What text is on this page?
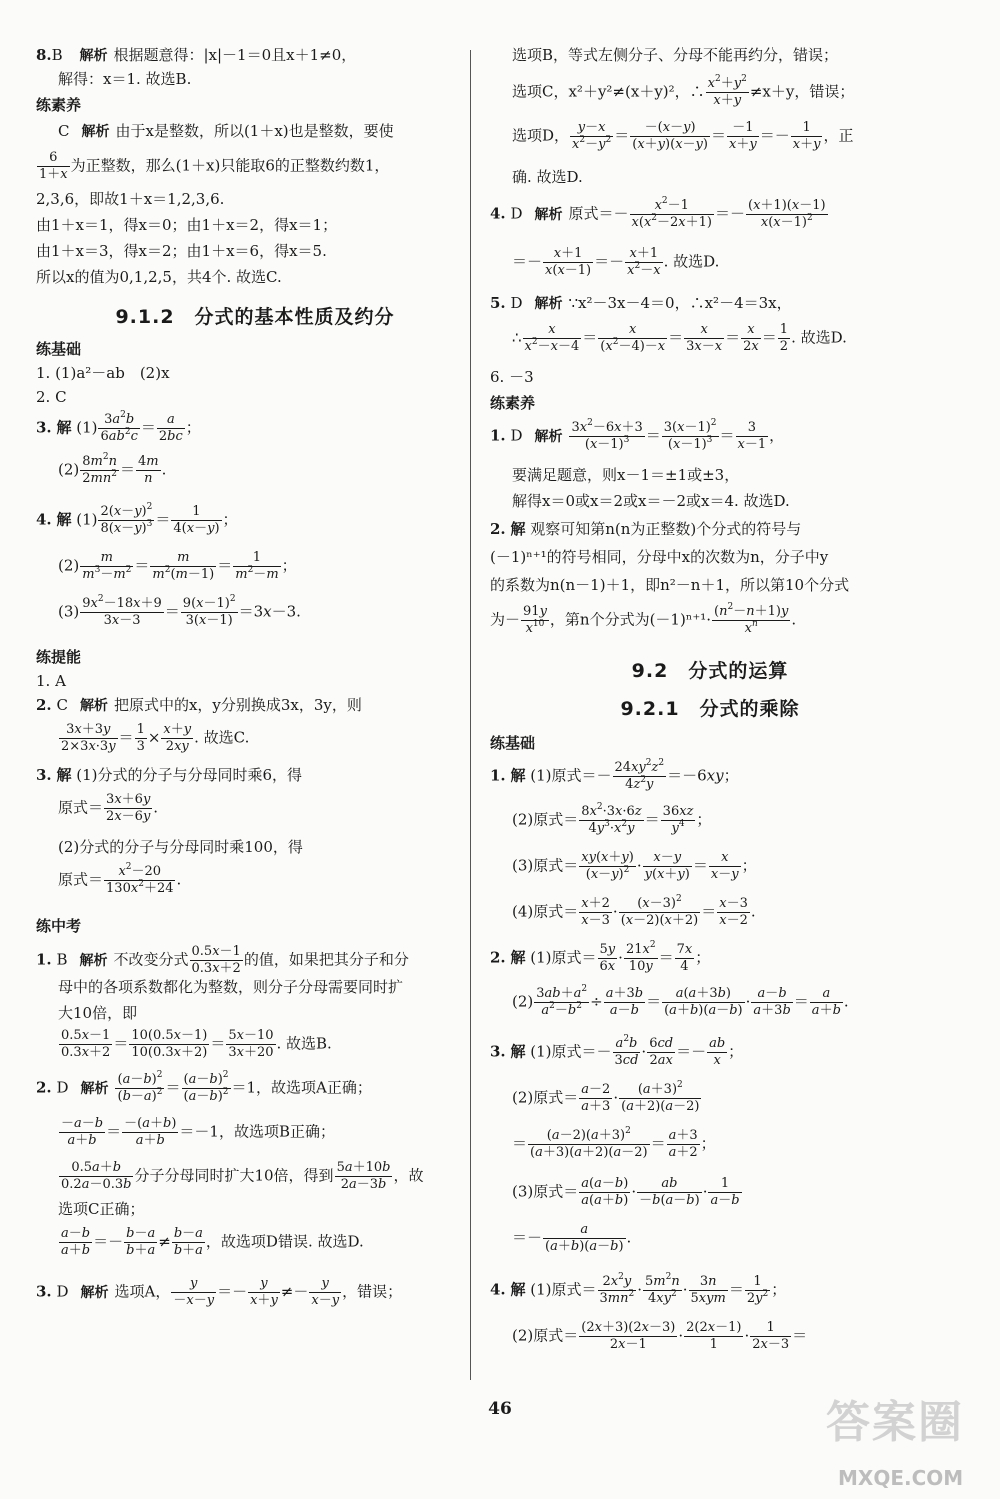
8.B 解析 根据题意得：|x|－1＝0且x＋1≠0，
解得：x＝1. 故选B.
练素养
C 解析 由于x是整数，所以(1＋x)也是整数，要使
$\frac{6}{1+x}$ 为正整数，那么(1＋x)只能取6的正整数约数1，
2,3,6，即故1＋x＝1,2,3,6.
由1＋x＝1，得x＝0；由1＋x＝2，得x＝1；
由1＋x＝3，得x＝2；由1＋x＝6，得x＝5.
所以x的值为0,1,2,5，共4个. 故选C.
9.1.2　分式的基本性质及约分
练基础
1. (1)a²－ab　(2)x
2. C
3. 解 $(1) \frac{3a^2b}{6ab^2c} = \frac{a}{2bc}$ ；
$(2) \frac{8m^2n}{2mn^2} = \frac{4m}{n}$ .
4. 解 $(1) \frac{2(x-y)^2}{8(x-y)^3} = \frac{1}{4(x-y)}$ ；
$(2) \frac{m}{m^3-m^2} = \frac{m}{m^2(m-1)} = \frac{1}{m^2-m}$ ；
$(3) \frac{9x^2-18x+9}{3x-3} = \frac{9(x-1)^2}{3(x-1)} =3x-3$.
练提能
1. A
2. C 解析 把原式中的x，y分别换成3x，3y，则
$\frac{3x+3y}{2\times 3x\cdot 3y} = \frac{1}{3} \times \frac{x+y}{2xy}$ . 故选C.
3. 解 (1)分式的分子与分母同时乘6，得
原式＝ $\frac{3x+6y}{2x-6y}$ .
(2)分式的分子与分母同时乘100，得
原式＝ $\frac{x^2-20}{130x^2+24}$ .
练中考
1. B 解析 不改变分式 $\frac{0.5x-1}{0.3x+2}$ 的值，如果把其分子和分
母中的各项系数都化为整数，则分子分母需要同时扩
大10倍，即
$\frac{0.5x-1}{0.3x+2} = \frac{10(0.5x-1)}{10(0.3x+2)} = \frac{5x-10}{3x+20}$ . 故选B.
2. D 解析 $\frac{(a-b)^2}{(b-a)^2} = \frac{(a-b)^2}{(a-b)^2} =1$，故选项A正确；
$\frac{-a-b}{a+b} = \frac{-(a+b)}{a+b} =-1$，故选项B正确；
$\frac{0.5a+b}{0.2a-0.3b}$ 分子分母同时扩大10倍，得到 $\frac{5a+10b}{2a-3b}$ ，故
选项C正确；
$\frac{a-b}{a+b} =- \frac{b-a}{b+a} \ne \frac{b-a}{b+a}$ ，故选项D错误. 故选D.
3. D 解析 选项A， $\frac{y}{-x-y} =- \frac{y}{x+y} \ne- \frac{y}{x-y}$ ，错误；
选项B，等式左侧分子、分母不能再约分，错误；
选项C，x²＋y²≠(x＋y)²，∴ $\frac{x^2+y^2}{x+y} \ne x+y$，错误；
选项D， $\frac{y-x}{x^2-y^2} = \frac{-(x-y)}{(x+y)(x-y)} = \frac{-1}{x+y} =- \frac{1}{x+y}$ ，正
确. 故选D.
4. D 解析 原式＝－ $\frac{x^2-1}{x(x^2-2x+1)} =- \frac{(x+1)(x-1)}{x(x-1)^2}$
＝－ $\frac{x+1}{x(x-1)} =- \frac{x+1}{x^2-x}$ . 故选D.
5. D 解析 ∵x²－3x－4＝0，∴x²－4＝3x，
∴ $\frac{x}{x^2-x-4} = \frac{x}{(x^2-4)-x} = \frac{x}{3x-x} = \frac{x}{2x} = \frac{1}{2}$ . 故选D.
6. －3
练素养
1. D 解析 $\frac{3x^2-6x+3}{(x-1)^3} = \frac{3(x-1)^2}{(x-1)^3} = \frac{3}{x-1}$ ，
要满足题意，则x－1＝±1或±3，
解得x＝0或x＝2或x＝－2或x＝4. 故选D.
2. 解 观察可知第n(n为正整数)个分式的符号与
(－1)ⁿ⁺¹的符号相同，分母中x的次数为n，分子中y
的系数为n(n－1)＋1，即n²－n＋1，所以第10个分式
为－ $\frac{91y}{x^{10}}$ ，第n个分式为$(-1)^{n+1}\cdot \frac{(n^2-n+1)y}{x^n}$ .
9.2　分式的运算
9.2.1　分式的乘除
练基础
1. 解 (1)原式＝－ $\frac{24xy^2z^2}{4z^2y} =-6xy$；
(2)原式＝ $\frac{8x^2\cdot 3x\cdot 6z}{4y^3\cdot x^2y} = \frac{36xz}{y^4}$ ；
(3)原式＝ $\frac{xy(x+y)}{(x-y)^2} \cdot \frac{x-y}{y(x+y)} = \frac{x}{x-y}$ ；
(4)原式＝ $\frac{x+2}{x-3} \cdot \frac{(x-3)^2}{(x-2)(x+2)} = \frac{x-3}{x-2}$ .
2. 解 (1)原式＝ $\frac{5y}{6x} \cdot \frac{21x^2}{10y} = \frac{7x}{4}$ ；
$(2) \frac{3ab+a^2}{a^2-b^2} \div \frac{a+3b}{a-b} = \frac{a(a+3b)}{(a+b)(a-b)} \cdot \frac{a-b}{a+3b} = \frac{a}{a+b}$ .
3. 解 (1)原式＝－ $\frac{a^2b}{3cd} \cdot \frac{6cd}{2ax} =- \frac{ab}{x}$ ；
(2)原式＝ $\frac{a-2}{a+3} \cdot \frac{(a+3)^2}{(a+2)(a-2)}$
＝ $\frac{(a-2)(a+3)^2}{(a+3)(a+2)(a-2)} = \frac{a+3}{a+2}$ ；
(3)原式＝ $\frac{a(a-b)}{a(a+b)} \cdot \frac{ab}{-b(a-b)} \cdot \frac{1}{a-b}$
＝－ $\frac{a}{(a+b)(a-b)}$ .
4. 解 (1)原式＝ $\frac{2x^2y}{3mn^2} \cdot \frac{5m^2n}{4xy^2} \cdot 3n$
$5xym = \frac{1}{2y^2}$ ；
(2)原式＝ $\frac{(2x+3)(2x-3)}{2x-1} \cdot \frac{2(2x-1)}{1} \cdot \frac{1}{2x-3}$ ＝
46	答案圈
MXQE.COM
